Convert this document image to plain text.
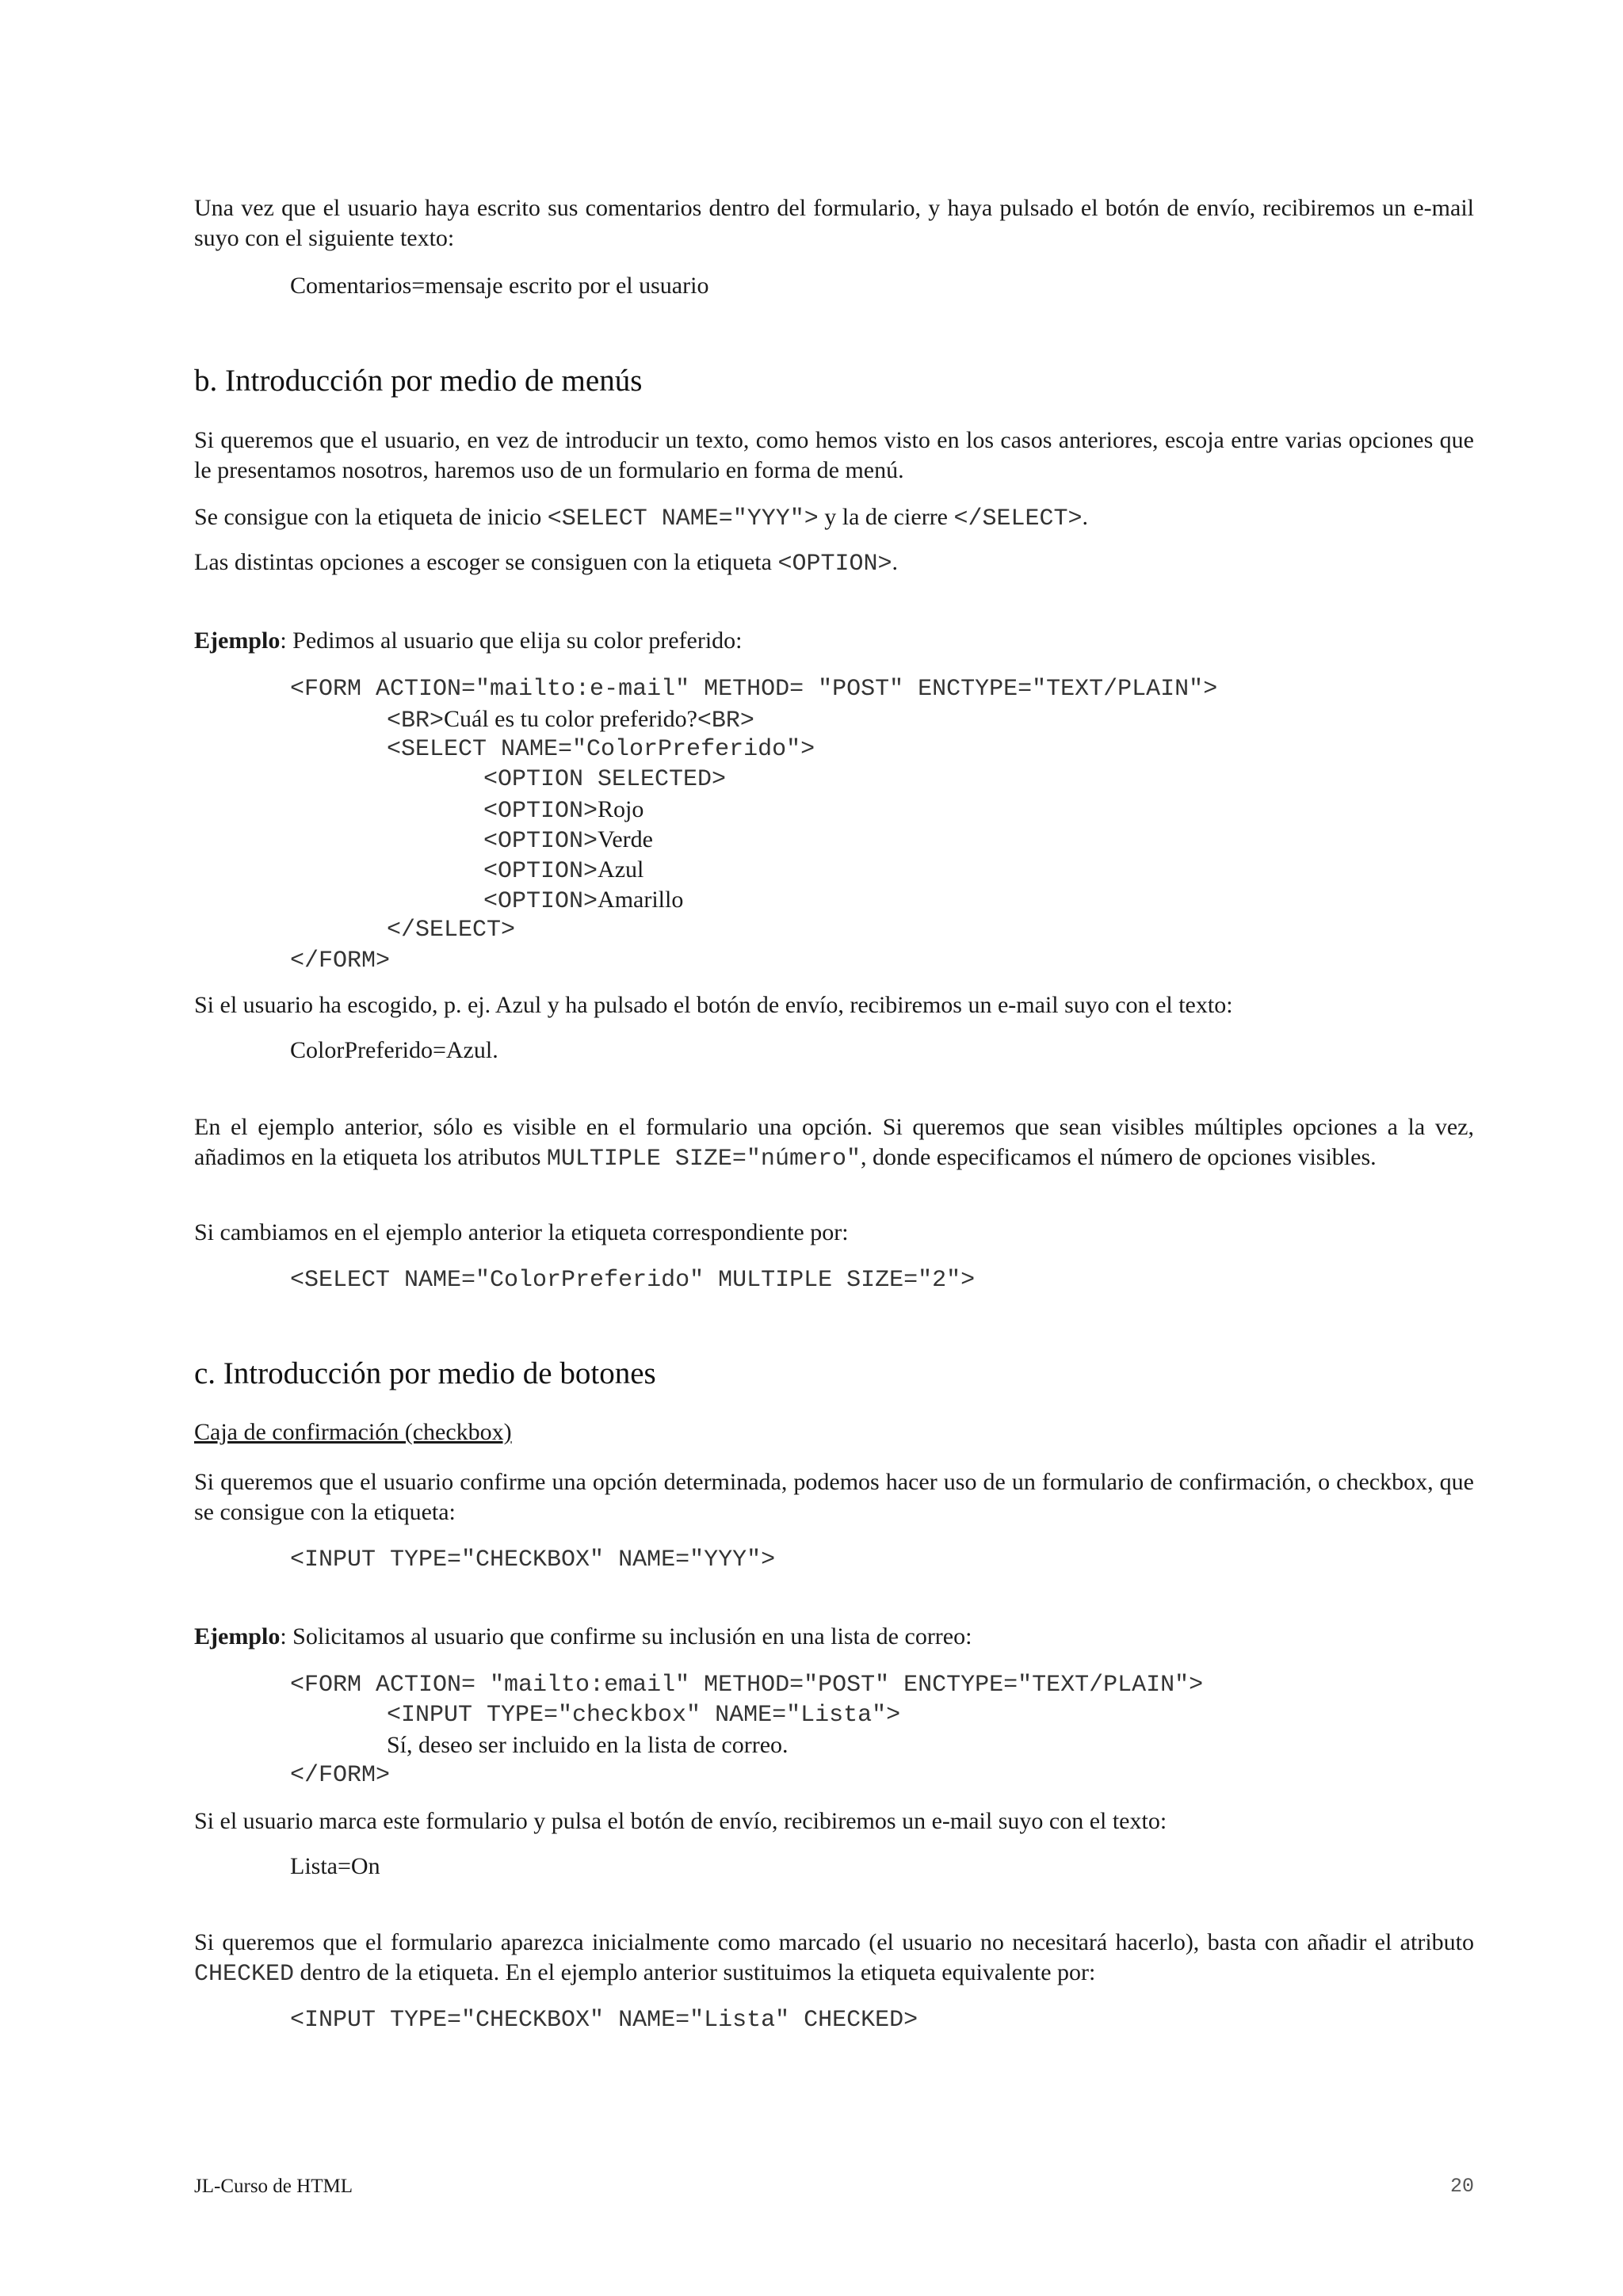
Una vez que el usuario haya escrito sus comentarios dentro del formulario, y haya pulsado el botón de envío, recibiremos un e-mail suyo con el siguiente texto:

Comentarios=mensaje escrito por el usuario
b. Introducción por medio de menús

Si queremos que el usuario, en vez de introducir un texto, como hemos visto en los casos anteriores, escoja entre varias opciones que le presentamos nosotros, haremos uso de un formulario en forma de menú.

Se consigue con la etiqueta de inicio <SELECT NAME="YYY"> y la de cierre </SELECT>.
Las distintas opciones a escoger se consiguen con la etiqueta <OPTION>.
Ejemplo: Pedimos al usuario que elija su color preferido:
<FORM ACTION="mailto:e-mail" METHOD= "POST" ENCTYPE="TEXT/PLAIN">
<BR>Cuál es tu color preferido?<BR>
<SELECT NAME="ColorPreferido">
<OPTION SELECTED>
<OPTION>Rojo
<OPTION>Verde
<OPTION>Azul
<OPTION>Amarillo
</SELECT>
</FORM>
Si el usuario ha escogido, p. ej. Azul y ha pulsado el botón de envío, recibiremos un e-mail suyo con el texto:
ColorPreferido=Azul.

En el ejemplo anterior, sólo es visible en el formulario una opción. Si queremos que sean visibles múltiples opciones a la vez, añadimos en la etiqueta los atributos MULTIPLE SIZE="número", donde especificamos el número de opciones visibles.

Si cambiamos en el ejemplo anterior la etiqueta correspondiente por:
<SELECT NAME="ColorPreferido" MULTIPLE SIZE="2">
c. Introducción por medio de botones
Caja de confirmación (checkbox)

Si queremos que el usuario confirme una opción determinada, podemos hacer uso de un formulario de confirmación, o checkbox, que se consigue con la etiqueta:

<INPUT TYPE="CHECKBOX" NAME="YYY">
Ejemplo: Solicitamos al usuario que confirme su inclusión en una lista de correo:
<FORM ACTION= "mailto:email" METHOD="POST" ENCTYPE="TEXT/PLAIN">
<INPUT TYPE="checkbox" NAME="Lista">
Sí, deseo ser incluido en la lista de correo.
</FORM>
Si el usuario marca este formulario y pulsa el botón de envío, recibiremos un e-mail suyo con el texto:
Lista=On

Si queremos que el formulario aparezca inicialmente como marcado (el usuario no necesitará hacerlo), basta con añadir el atributo CHECKED dentro de la etiqueta. En el ejemplo anterior sustituimos la etiqueta equivalente por:

<INPUT TYPE="CHECKBOX" NAME="Lista" CHECKED>
JL-Curso de HTML	20
